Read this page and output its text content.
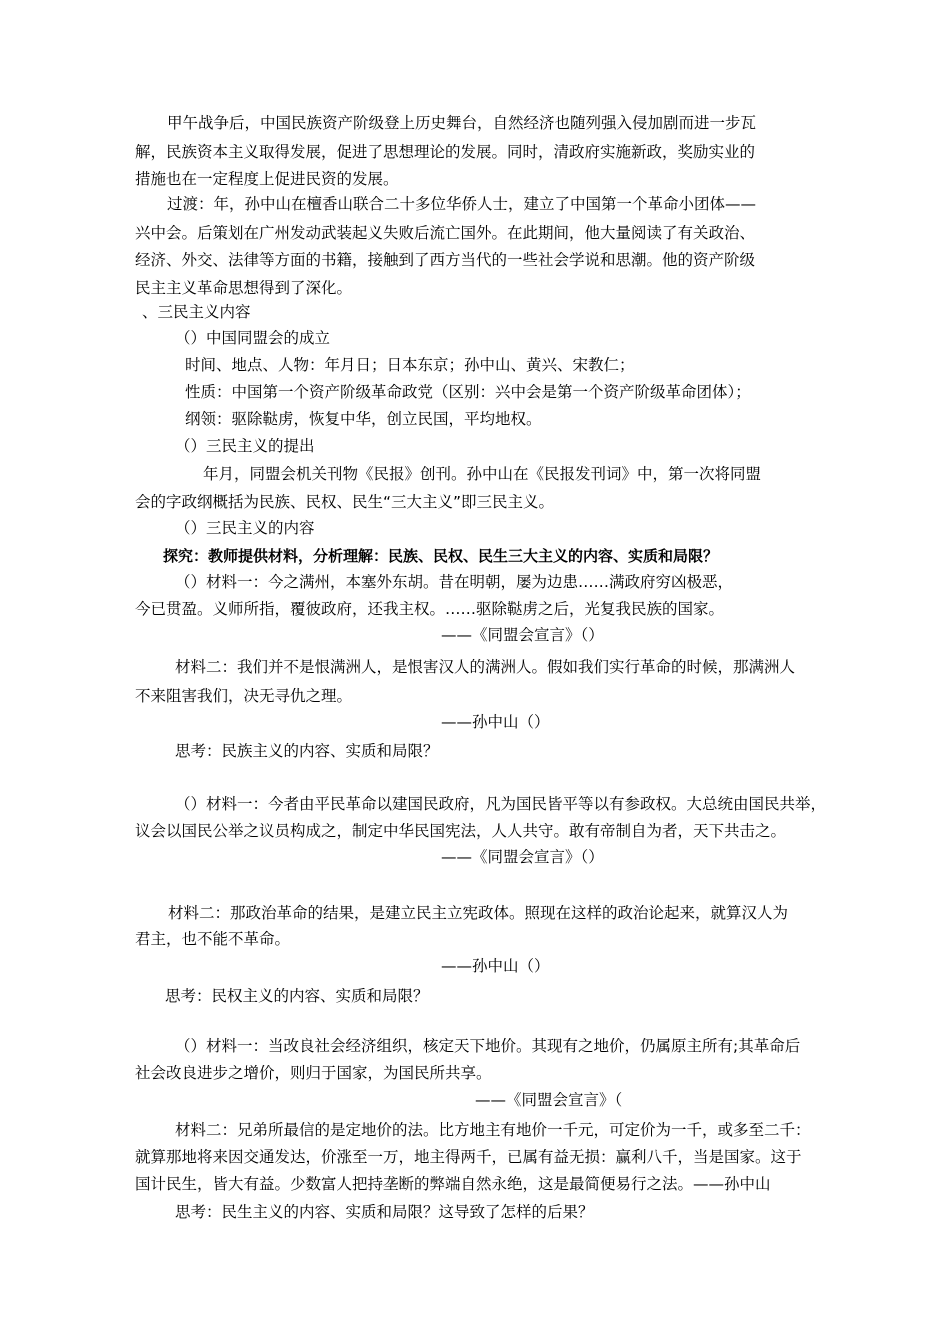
甲午战争后，中国民族资产阶级登上历史舞台，自然经济也随列强入侵加剧而进一步瓦
解，民族资本主义取得发展，促进了思想理论的发展。同时，清政府实施新政，奖励实业的
措施也在一定程度上促进民资的发展。
过渡：年，孙中山在檀香山联合二十多位华侨人士，建立了中国第一个革命小团体——
兴中会。后策划在广州发动武装起义失败后流亡国外。在此期间，他大量阅读了有关政治、
经济、外交、法律等方面的书籍，接触到了西方当代的一些社会学说和思潮。他的资产阶级
民主主义革命思想得到了深化。
、三民主义内容
（）中国同盟会的成立
时间、地点、人物：年月日；日本东京；孙中山、黄兴、宋教仁；
性质：中国第一个资产阶级革命政党（区别：兴中会是第一个资产阶级革命团体）；
纲领：驱除鞑虏，恢复中华，创立民国，平均地权。
（）三民主义的提出
年月，同盟会机关刊物《民报》创刊。孙中山在《民报发刊词》中，第一次将同盟
会的字政纲概括为民族、民权、民生“三大主义”即三民主义。
（）三民主义的内容
探究：教师提供材料，分析理解：民族、民权、民生三大主义的内容、实质和局限？
（）材料一：今之满州，本塞外东胡。昔在明朝，屡为边患……满政府穷凶极恶，
今已贯盈。义师所指，覆彼政府，还我主权。……驱除鞑虏之后，光复我民族的国家。
——《同盟会宣言》（）
材料二：我们并不是恨满洲人，是恨害汉人的满洲人。假如我们实行革命的时候，那满洲人
不来阻害我们，决无寻仇之理。
——孙中山（）
思考：民族主义的内容、实质和局限？
（）材料一：今者由平民革命以建国民政府，凡为国民皆平等以有参政权。大总统由国民共举，
议会以国民公举之议员构成之，制定中华民国宪法，人人共守。敢有帝制自为者，天下共击之。
——《同盟会宣言》（）
材料二：那政治革命的结果，是建立民主立宪政体。照现在这样的政治论起来，就算汉人为
君主，也不能不革命。
——孙中山（）
思考：民权主义的内容、实质和局限？
（）材料一：当改良社会经济组织，核定天下地价。其现有之地价，仍属原主所有;其革命后
社会改良进步之增价，则归于国家，为国民所共享。
——《同盟会宣言》（
材料二：兄弟所最信的是定地价的法。比方地主有地价一千元，可定价为一千，或多至二千：
就算那地将来因交通发达，价涨至一万，地主得两千，已属有益无损：赢利八千，当是国家。这于
国计民生，皆大有益。少数富人把持垄断的弊端自然永绝，这是最简便易行之法。——孙中山
思考：民生主义的内容、实质和局限？这导致了怎样的后果？
